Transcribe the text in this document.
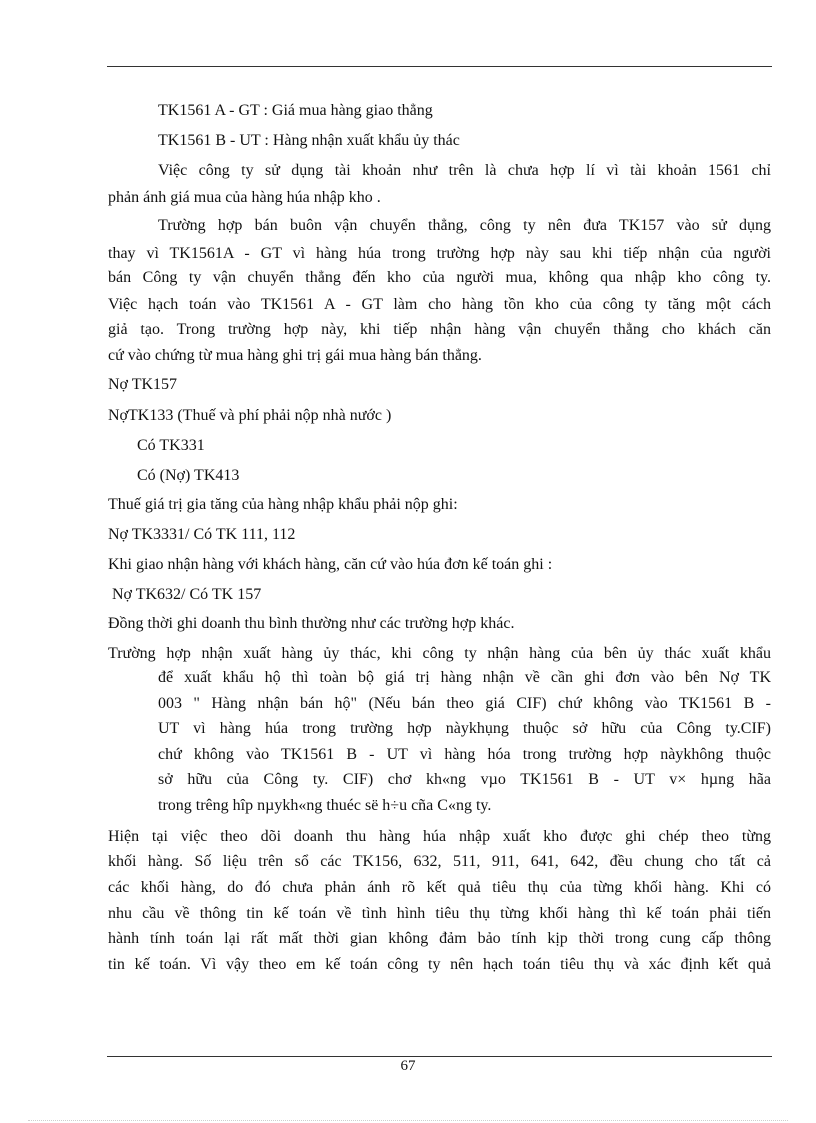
TK1561 A - GT : Giá mua hàng giao thẳng
TK1561 B - UT : Hàng nhận xuất khẩu ủy thác
Việc công ty sử dụng tài khoản như trên là chưa hợp lí vì tài khoản 1561 chỉ
phản ánh giá mua của hàng húa nhập kho .
Trường hợp bán buôn vận chuyển thẳng, công ty nên đưa TK157 vào sử dụng
thay vì TK1561A - GT vì hàng húa trong trường hợp này sau khi tiếp nhận của người
bán Công ty vận chuyển thẳng đến kho của người mua, không qua nhập kho công ty.
Việc hạch toán vào TK1561 A - GT làm cho hàng tồn kho của công ty tăng một cách
giả tạo. Trong trường hợp này, khi tiếp nhận hàng vận chuyển thẳng cho khách căn
cứ vào chứng từ mua hàng ghi trị gái mua hàng bán thẳng.
Nợ TK157
NợTK133 (Thuế và phí phải nộp nhà nước )
Có TK331
Có (Nợ) TK413
Thuế giá trị gia tăng của hàng nhập khẩu phải nộp ghi:
Nợ TK3331/ Có TK 111, 112
Khi giao nhận hàng với khách hàng, căn cứ vào húa đơn kế toán ghi :
Nợ TK632/ Có TK 157
Đồng thời ghi doanh thu bình thường như các trường hợp khác.
Trường hợp nhận xuất hàng ủy thác, khi công ty nhận hàng của bên ủy thác xuất khẩu
để xuất khẩu hộ thì toàn bộ giá trị hàng nhận về cần ghi đơn vào bên Nợ TK
003 " Hàng nhận bán hộ" (Nếu bán theo giá CIF) chứ không vào TK1561 B -
UT vì hàng húa trong trường hợp nàykhụng thuộc sở hữu của Công ty.CIF)
chứ không vào TK1561 B - UT vì hàng hóa trong trường hợp nàykhông thuộc
sở hữu của Công ty. CIF) chơ kh«ng vµo TK1561 B - UT v× hµng hãa
trong trêng hîp nµykh«ng thuéc së h÷u cña C«ng ty.
Hiện tại việc theo dõi doanh thu hàng húa nhập xuất kho được ghi chép theo từng
khối hàng. Số liệu trên sổ các TK156, 632, 511, 911, 641, 642, đều chung cho tất cả
các khối hàng, do đó chưa phản ánh rõ kết quả tiêu thụ của từng khối hàng. Khi có
nhu cầu về thông tin kế toán về tình hình tiêu thụ từng khối hàng thì kế toán phải tiến
hành tính toán lại rất mất thời gian không đảm bảo tính kịp thời trong cung cấp thông
tin kế toán. Vì vậy theo em kế toán công ty nên hạch toán tiêu thụ và xác định kết quả
67
